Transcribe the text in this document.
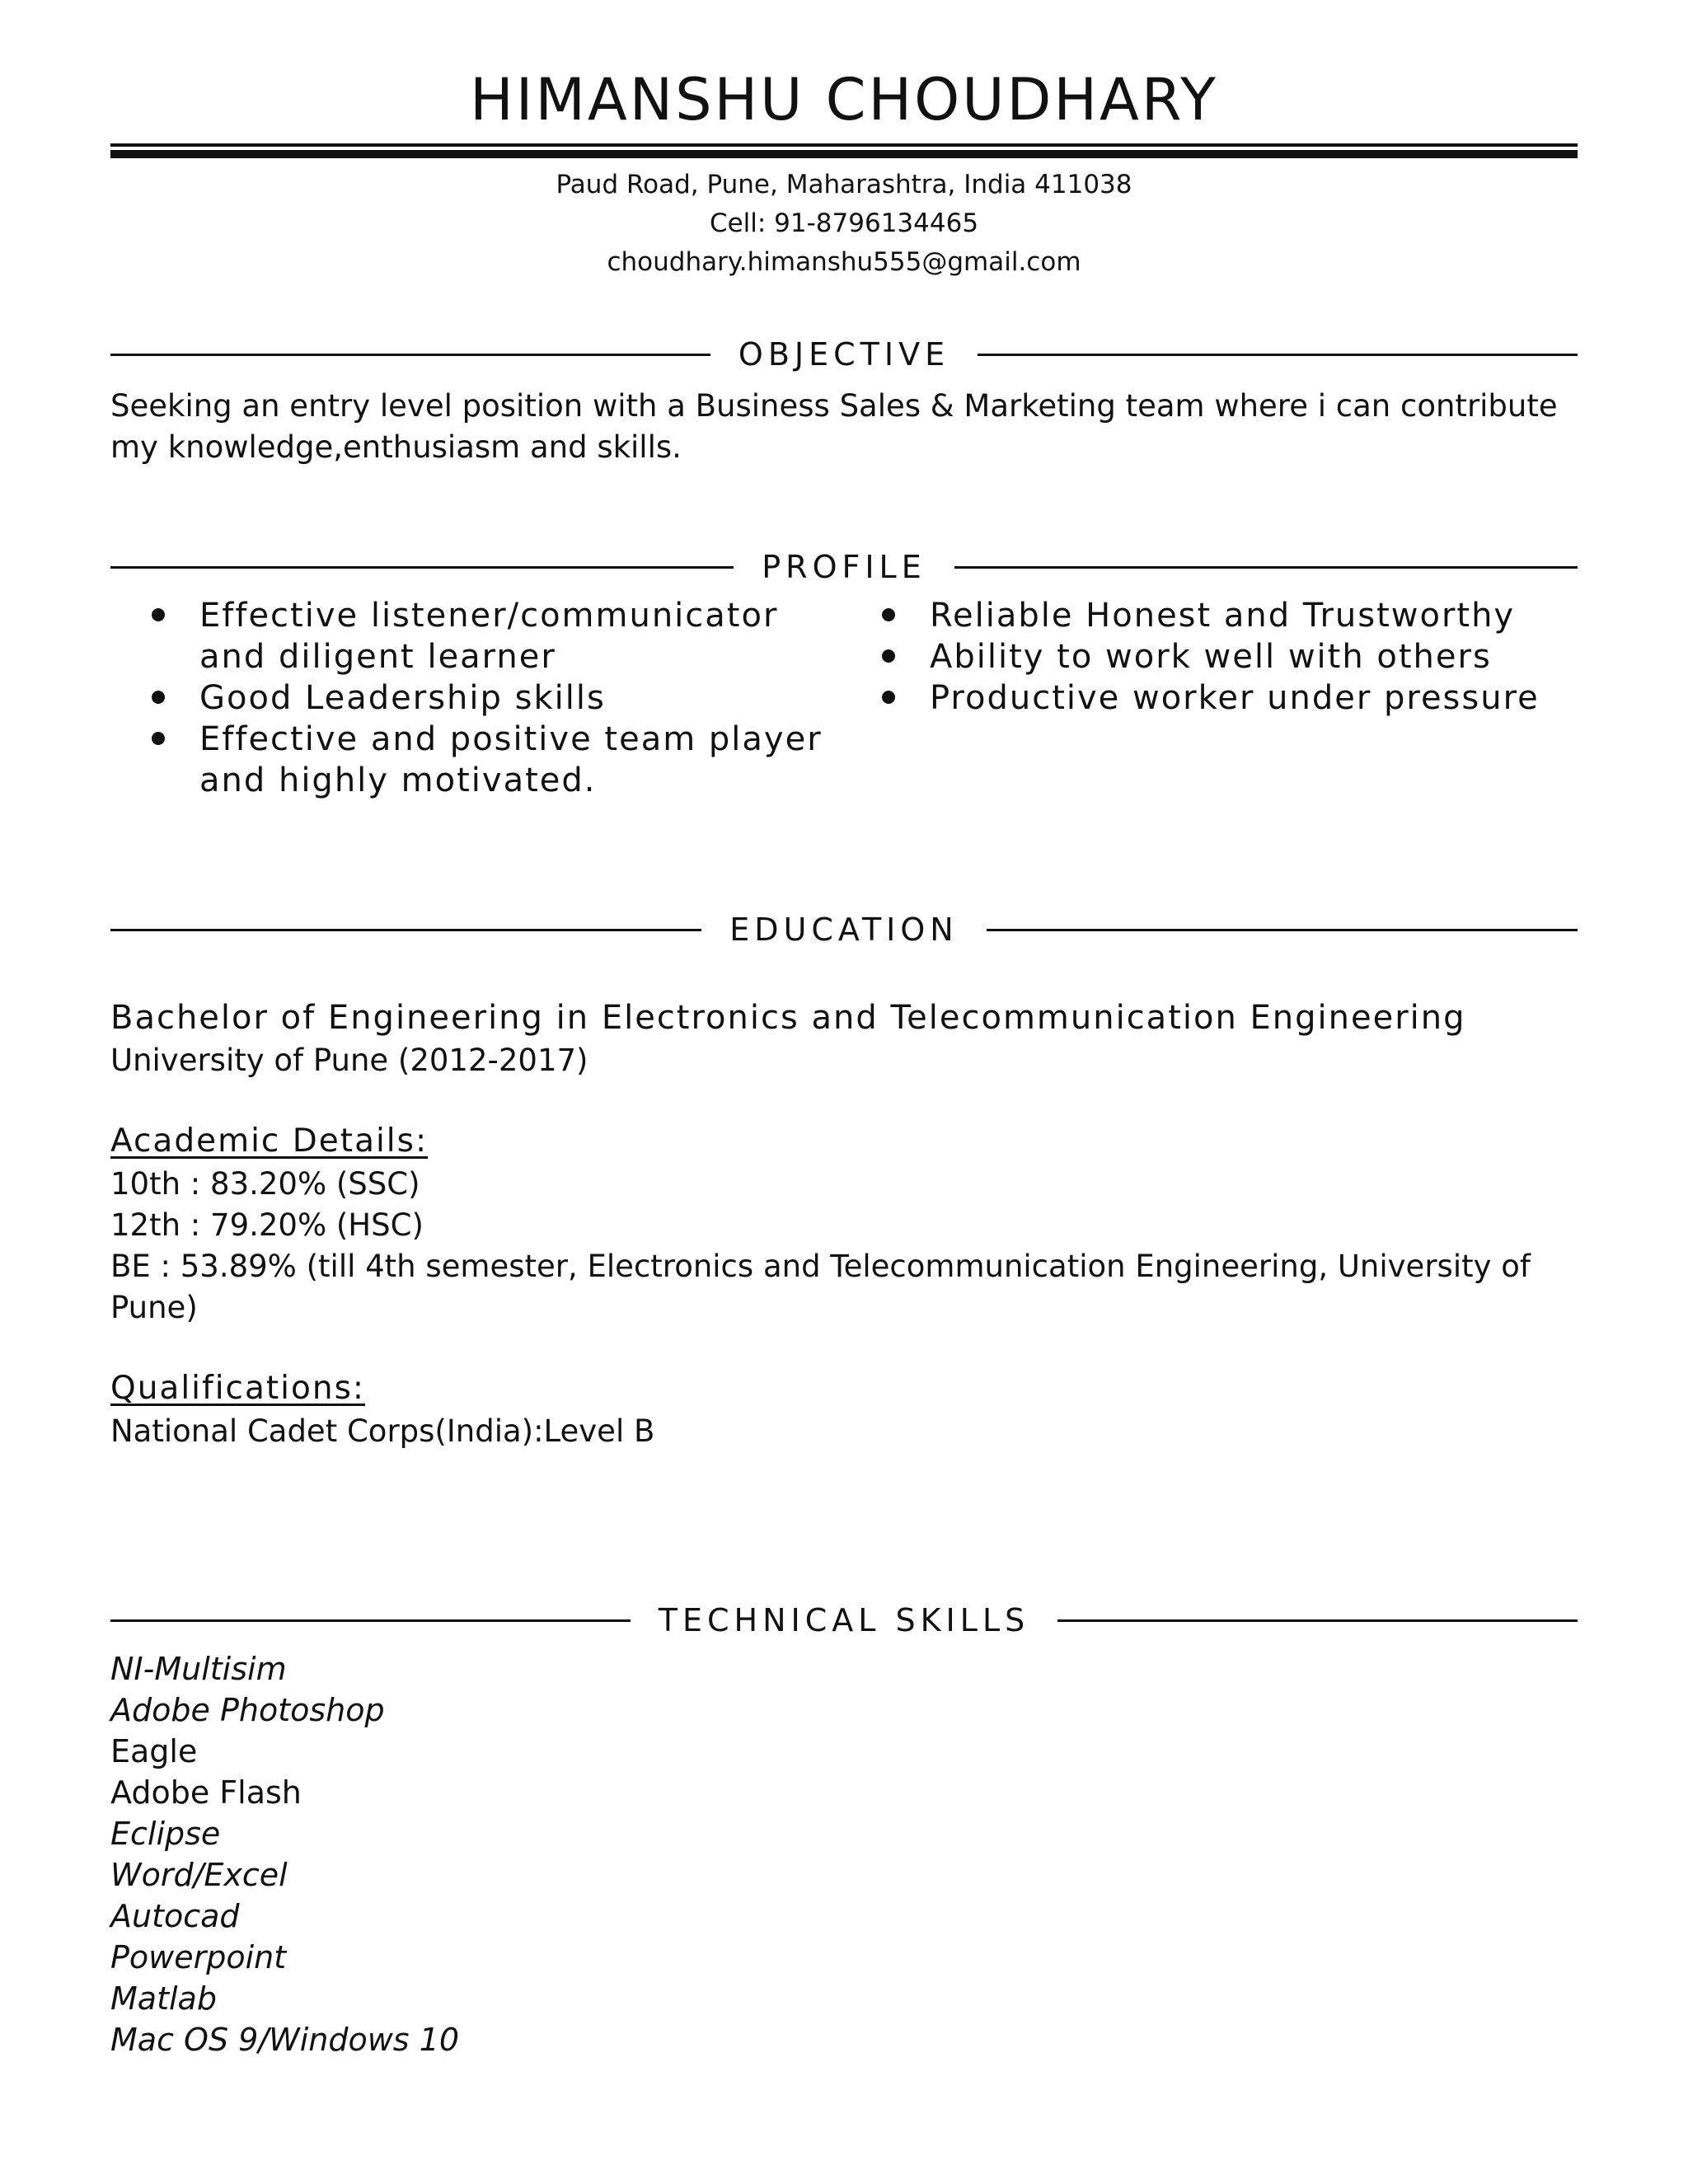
HIMANSHU CHOUDHARY

Paud Road, Pune, Maharashtra, India 411038

Cell: 91-8796134465

choudhary.himanshu555@gmail.com

OBJECTIVE

Seeking an entry level position with a Business Sales & Marketing team where i can contribute

my knowledge,enthusiasm and skills.

PROFILE
Effective listener/communicator and diligent learner
Good Leadership skills
Effective and positive team player and highly motivated.
Reliable Honest and Trustworthy
Ability to work well with others
Productive worker under pressure
EDUCATION

Bachelor of Engineering in Electronics and Telecommunication Engineering

University of Pune (2012-2017)

Academic Details:

10th : 83.20% (SSC)

12th : 79.20% (HSC)

BE : 53.89% (till 4th semester, Electronics and Telecommunication Engineering, University of

Pune)

Qualifications:

National Cadet Corps(India):Level B

TECHNICAL SKILLS
NI-Multisim
Adobe Photoshop
Eagle
Adobe Flash
Eclipse
Word/Excel
Autocad
Powerpoint
Matlab
Mac OS 9/Windows 10
